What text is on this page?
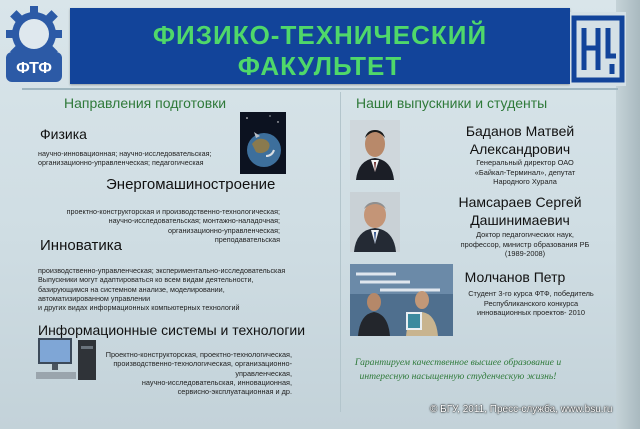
ФТФ
ФИЗИКО-ТЕХНИЧЕСКИЙ
ФАКУЛЬТЕТ
Направления подготовки
Физика
научно-инновационная; научно-исследовательская;
организационно-управленческая; педагогическая
Энергомашиностроение
проектно-конструкторская и производственно-технологическая;
научно-исследовательская; монтажно-наладочная;
организационно-управленческая;
преподавательская
Инноватика
производственно-управленческая; экспериментально-исследовательская
Выпускники могут адаптироваться ко всем видам деятельности,
базирующимся на системном анализе, моделировании,
автоматизированном управлении
и других видах информационных компьютерных технологий
Информационные системы и технологии
Проектно-конструкторская, проектно-технологическая,
производственно-технологическая, организационно-
управленческая,
научно-исследовательская, инновационная,
сервисно-эксплуатационная и др.
Наши выпускники и студенты
Баданов Матвей
Александрович
Генеральный директор ОАО
«Байкал-Терминал», депутат
Народного Хурала
Намсараев Сергей
Дашинимаевич
Доктор педагогических наук,
профессор, министр образования РБ
(1989-2008)
Молчанов Петр
Студент 3-го курса ФТФ, победитель
Республиканского конкурса
инновационных проектов- 2010
Гарантируем качественное высшее образование и
интересную насыщенную студенческую жизнь!
© БГУ, 2011, Пресс-служба, www.bsu.ru
